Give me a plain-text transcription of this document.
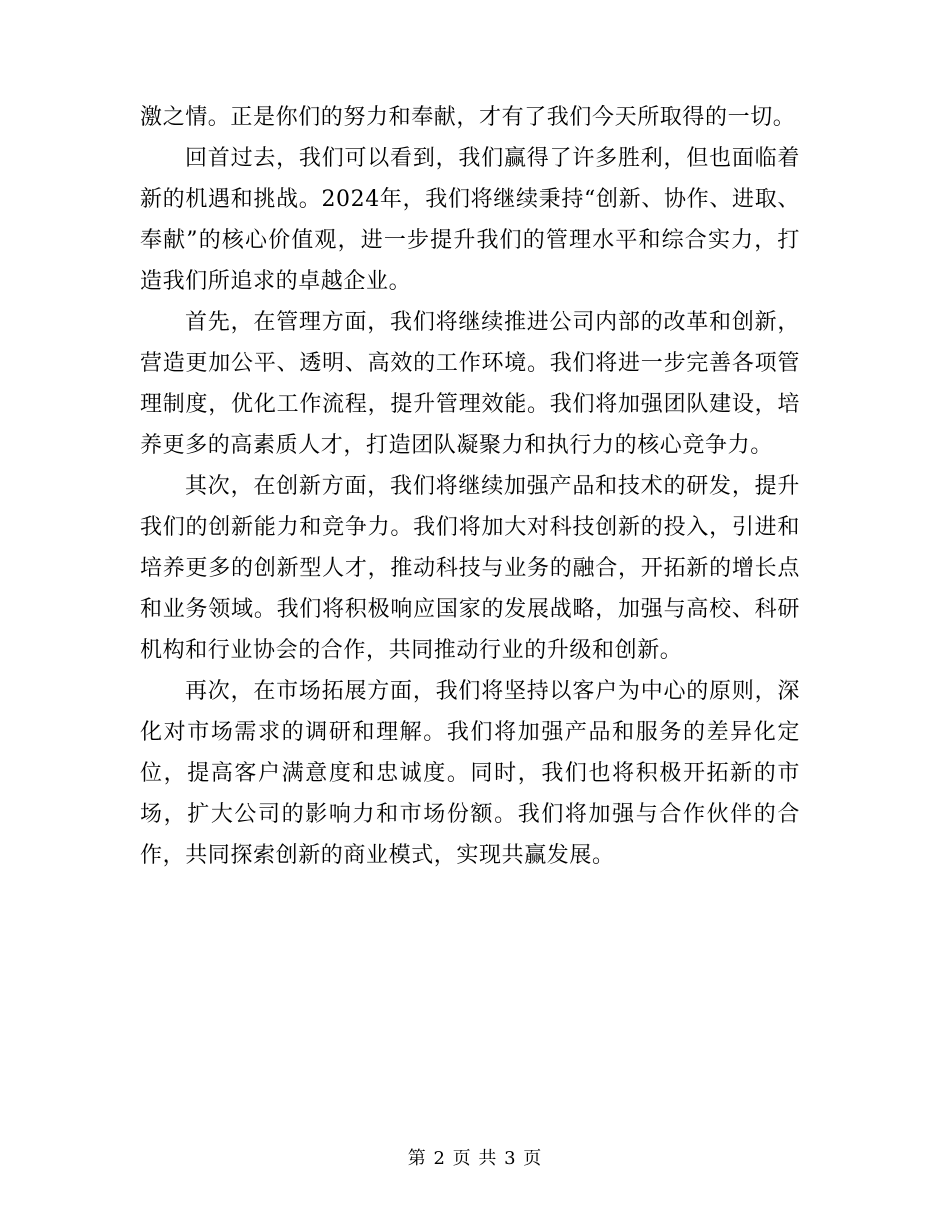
激之情。正是你们的努力和奉献，才有了我们今天所取得的一切。

回首过去，我们可以看到，我们赢得了许多胜利，但也面临着新的机遇和挑战。2024年，我们将继续秉持“创新、协作、进取、奉献”的核心价值观，进一步提升我们的管理水平和综合实力，打造我们所追求的卓越企业。

首先，在管理方面，我们将继续推进公司内部的改革和创新，营造更加公平、透明、高效的工作环境。我们将进一步完善各项管理制度，优化工作流程，提升管理效能。我们将加强团队建设，培养更多的高素质人才，打造团队凝聚力和执行力的核心竞争力。

其次，在创新方面，我们将继续加强产品和技术的研发，提升我们的创新能力和竞争力。我们将加大对科技创新的投入，引进和培养更多的创新型人才，推动科技与业务的融合，开拓新的增长点和业务领域。我们将积极响应国家的发展战略，加强与高校、科研机构和行业协会的合作，共同推动行业的升级和创新。

再次，在市场拓展方面，我们将坚持以客户为中心的原则，深化对市场需求的调研和理解。我们将加强产品和服务的差异化定位，提高客户满意度和忠诚度。同时，我们也将积极开拓新的市场，扩大公司的影响力和市场份额。我们将加强与合作伙伴的合作，共同探索创新的商业模式，实现共赢发展。

第 2 页 共 3 页
